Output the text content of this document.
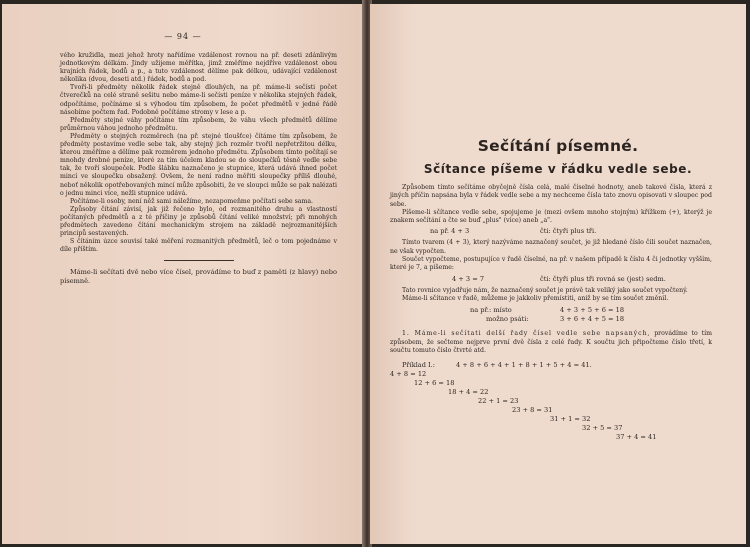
— 94 —

vého kružidla, mezi jehož hroty nařídíme vzdálenost rovnou na př. deseti zdánlivým jednotkovým délkám. Jindy užijeme měřítka, jimž změříme nejdříve vzdálenost obou krajních řádek, bodů a p., a tuto vzdálenost dělíme pak délkou, udávající vzdálenost několika (dvou, deseti atd.) řádek, bodů a pod.

Tvoří-li předměty několik řádek stejně dlouhých, na př. máme-li sečísti počet čtverečků na celé straně sešitu nebo máme-li sečísti peníze v několika stejných řádek, odpočítáme, počínáme si s výhodou tím způsobem, že počet předmětů v jedné řádě násobíme počtem řad. Podobně počítáme stromy v lese a p.

Předměty stejné váhy počítáme tím způsobem, že váhu všech předmětů dělíme průměrnou váhou jednoho předmětu.

Předměty o stejných rozměrech (na př. stejné tloušťce) čítáme tím způsobem, že předměty postavíme vedle sebe tak, aby stejný jich rozměr tvořil nepřetržitou délku, kterou změříme a dělíme pak rozměrem jednoho předmětu. Způsobem tímto počítají se mnohdy drobné peníze, které za tím účelem kladou se do sloupečků těsně vedle sebe tak, že tvoří sloupeček. Podle šlábku naznačeno je stupnice, která udává ihned počet mincí ve sloupečku obsažený. Ovšem, že není radno měřiti sloupečky příliš dlouhé, neboť několik opotřebovaných mincí může způsobiti, že ve sloupci může se pak nalézati o jednu minci více, nežli stupnice udává.

Počítáme-li osoby, není něž sami náležíme, nezapomeňme počítati sebe sama.

Způsoby čítání závisí, jak již řečeno bylo, od rozmanitého druhu a vlastností počítaných předmětů a z té příčiny je způsobů čítání veliké množství; při mnohých předmětech zavedeno čítání mechanickým strojem na základě nejrozmanitějších principů sestavených.

S čítáním úzce souvisí také měření rozmanitých předmětů, leč o tom pojednáme v díle příštím.

Máme-li sečítati dvě nebo více čísel, provádíme to buď z paměti (z hlavy) nebo písemně.

Sečítání písemné.
Sčítance píšeme v řádku vedle sebe.

Způsobem tímto sečítáme obyčejně čísla celá, malé číselné hodnoty, aneb takové čísla, která z jiných příčin napsána byla v řádek vedle sebe a my nechceme čísla tato znovu opisovati v sloupec pod sebe.

Píšeme-li sčítance vedle sebe, spojujeme je (mezi ovšem mnoho stojným) křížkem (+), kterýž je znakem sečítání a čte se buď „plus" (více) aneb „a".

na př. 4 + 3	čti: čtyři plus tři.

Tímto tvarem (4 + 3), který nazýváme naznačený součet, je již hledané číslo čili součet naznačen, ne však vypočten.

Součet vypočteme, postupujíce v řadě číselné, na př. v našem případě k číslu 4 či jednotky vyšším, které je 7, a píšeme:

4 + 3 = 7	čti: čtyři plus tři rovná se (jest) sedm.

Tato rovnice vyjadřuje nám, že naznačený součet je právě tak veliký jako součet vypočtený.

Máme-li sčítance v řadě, můžeme je jakkoliv přemístiti, aniž by se tím součet změnil.

na př.: místo	4 + 3 + 5 + 6 = 18
možno psáti:	3 + 6 + 4 + 5 = 18

1. Máme-li sečítati delší řady čísel vedle sebe napsaných, provádíme to tím způsobem, že sečteme nejprve první dvě čísla z celé řady. K součtu jich připočteme číslo třetí, k součtu tomuto číslo čtvrté atd.

Příklad I.:	4 + 8 + 6 + 4 + 1 + 8 + 1 + 5 + 4 = 41.
4 + 8 = 12
12 + 6 = 18
18 + 4 = 22
22 + 1 = 23
23 + 8 = 31
31 + 1 = 32
32 + 5 = 37
37 + 4 = 41
